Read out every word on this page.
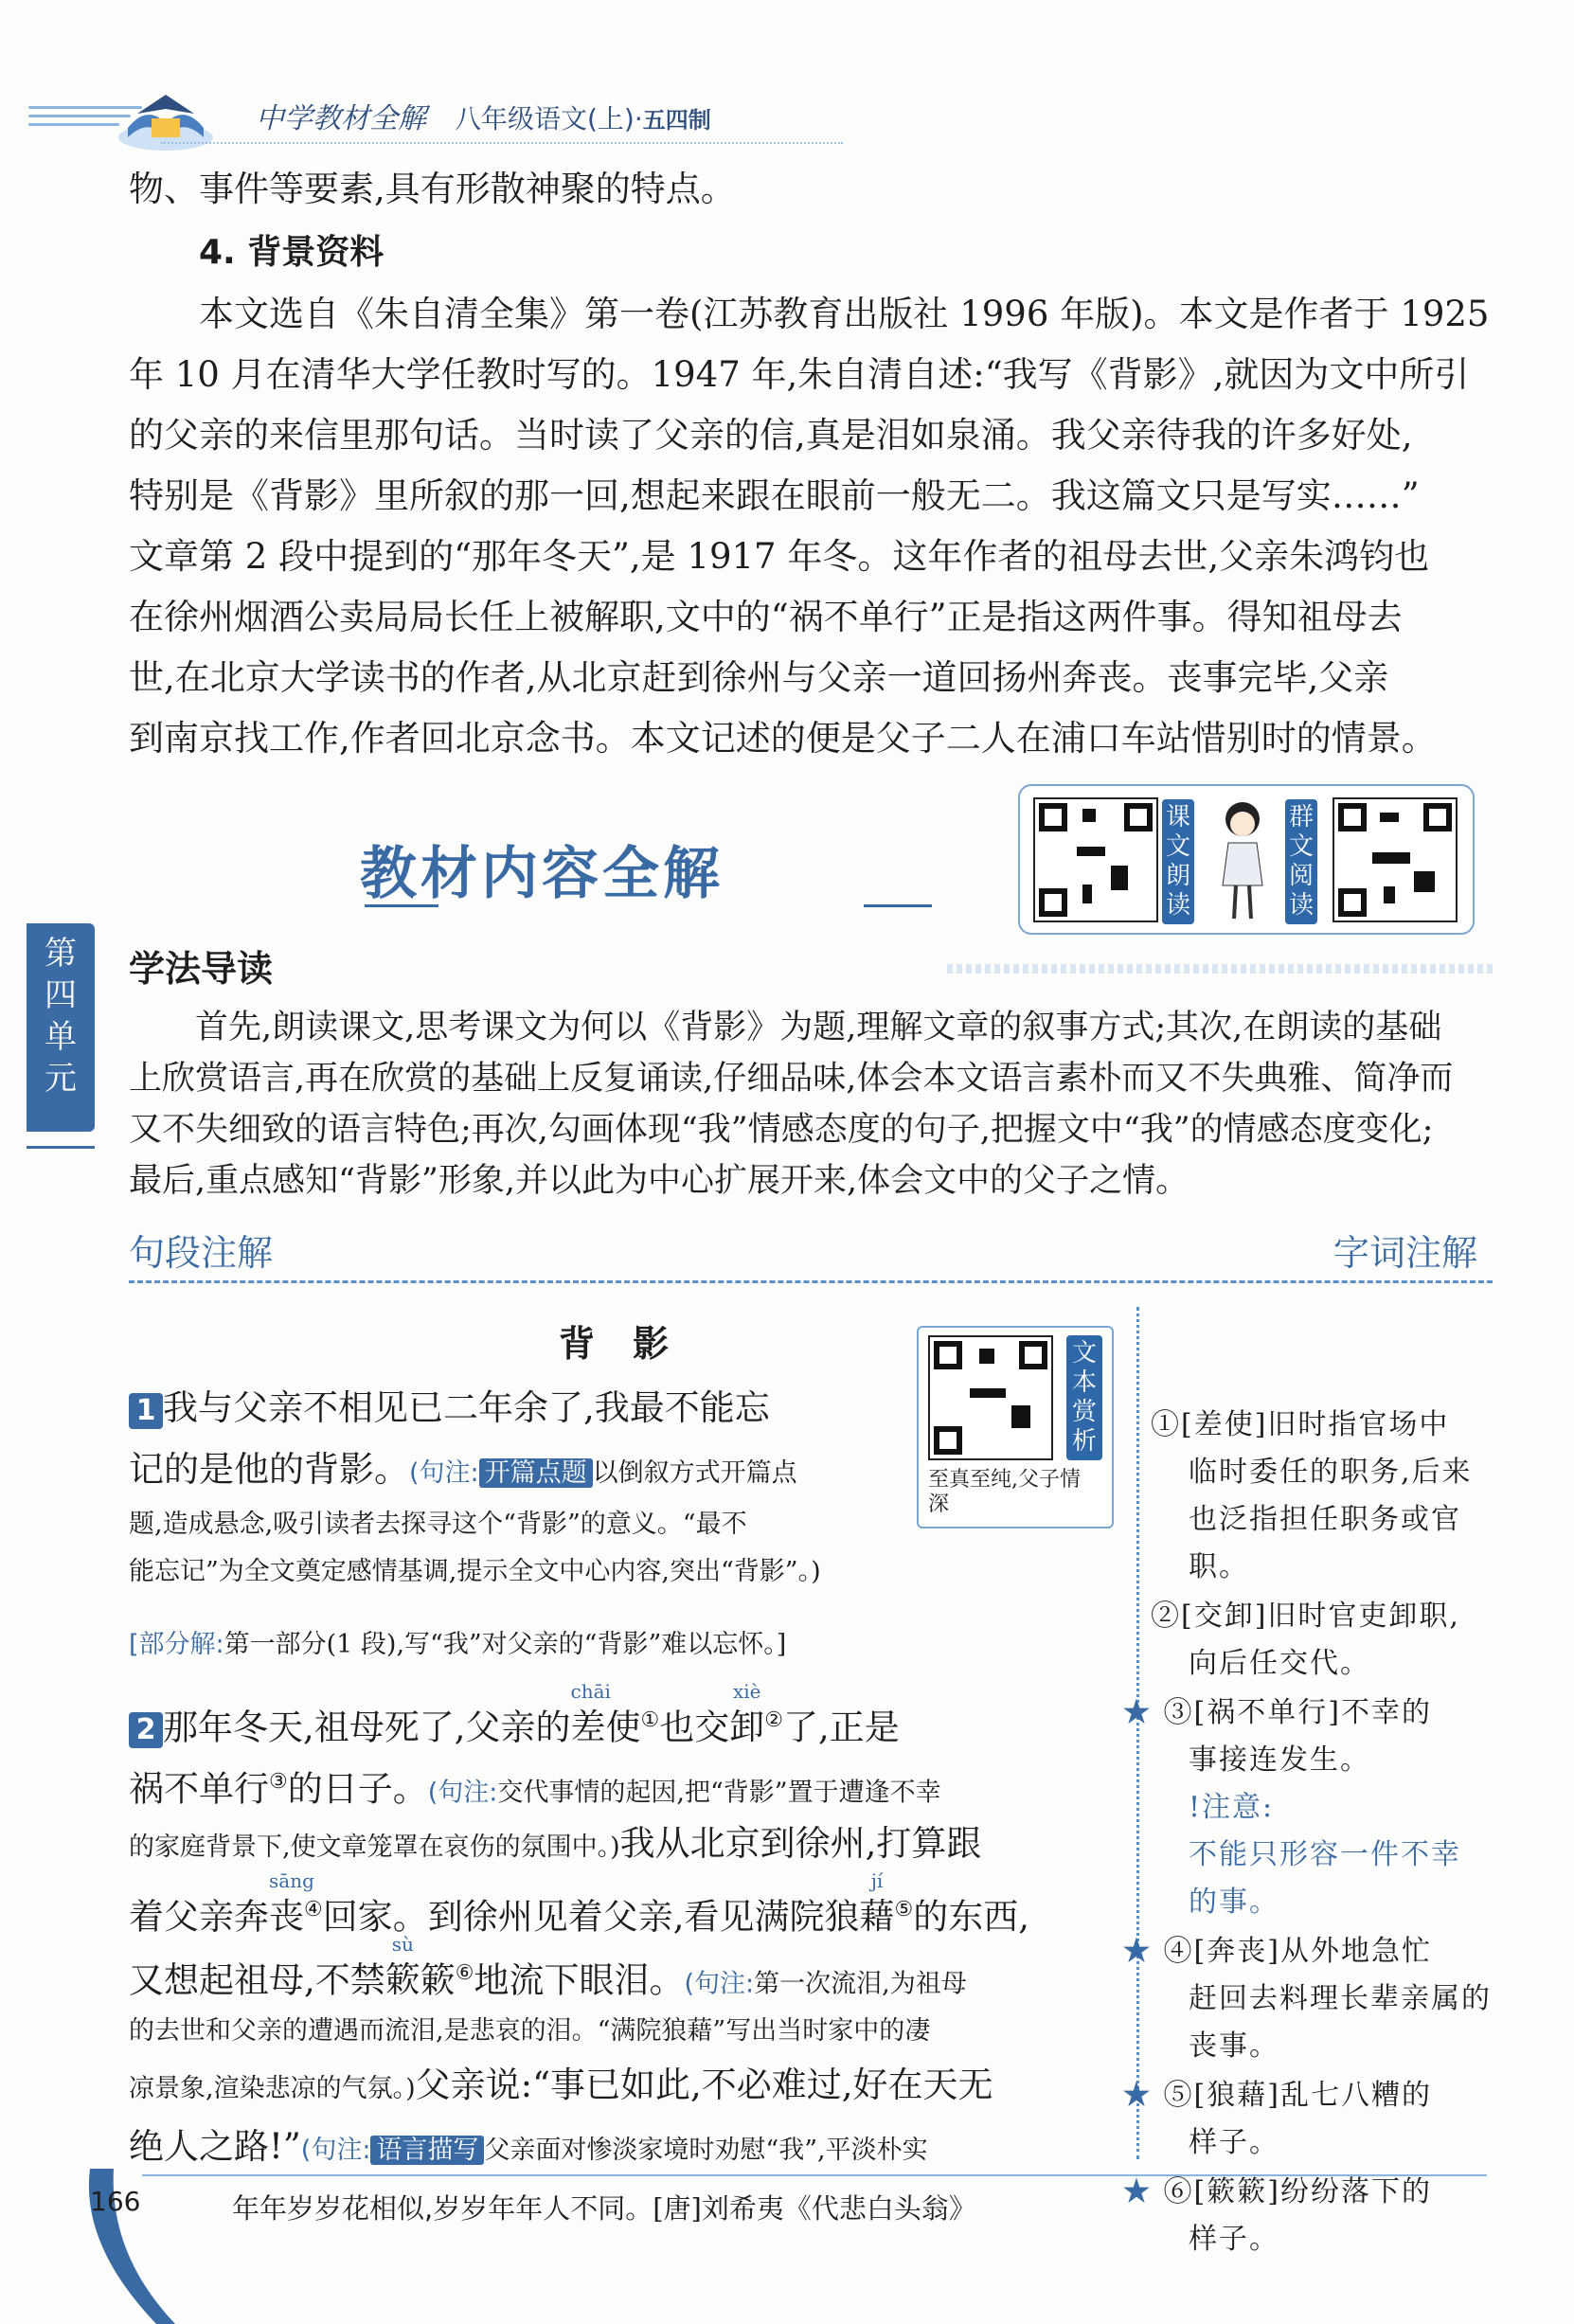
中学教材全解 八年级语文(上)·五四制
物、事件等要素,具有形散神聚的特点。
4. 背景资料
本文选自《朱自清全集》第一卷(江苏教育出版社 1996 年版)。本文是作者于 1925
年 10 月在清华大学任教时写的。1947 年,朱自清自述:“我写《背影》,就因为文中所引
的父亲的来信里那句话。当时读了父亲的信,真是泪如泉涌。我父亲待我的许多好处,
特别是《背影》里所叙的那一回,想起来跟在眼前一般无二。我这篇文只是写实……”
文章第 2 段中提到的“那年冬天”,是 1917 年冬。这年作者的祖母去世,父亲朱鸿钧也
在徐州烟酒公卖局局长任上被解职,文中的“祸不单行”正是指这两件事。得知祖母去
世,在北京大学读书的作者,从北京赶到徐州与父亲一道回扬州奔丧。丧事完毕,父亲
到南京找工作,作者回北京念书。本文记述的便是父子二人在浦口车站惜别时的情景。
教材内容全解
课文朗读
群文阅读
第四单元
学法导读
首先,朗读课文,思考课文为何以《背影》为题,理解文章的叙事方式;其次,在朗读的基础
上欣赏语言,再在欣赏的基础上反复诵读,仔细品味,体会本文语言素朴而又不失典雅、简净而
又不失细致的语言特色;再次,勾画体现“我”情感态度的句子,把握文中“我”的情感态度变化;
最后,重点感知“背影”形象,并以此为中心扩展开来,体会文中的父子之情。
句段注解	字词注解
背影	文本赏析
至真至纯,父子情深
1 我与父亲不相见已二年余了,我最不能忘
记的是他的背影。(句注: 开篇点题 以倒叙方式开篇点
题,造成悬念,吸引读者去探寻这个“背影”的意义。“最不
能忘记”为全文奠定感情基调,提示全文中心内容,突出“背影”。)
[部分解:第一部分(1 段),写“我”对父亲的“背影”难以忘怀。]
2 那年冬天,祖母死了,父亲的
chāi
差使①也交
xiè
卸②了,正是
祸不单行③的日子。(句注:交代事情的起因,把“背影”置于遭逢不幸
的家庭背景下,使文章笼罩在哀伤的氛围中。)我从北京到徐州,打算跟
着父亲奔
sāng
丧④回家。到徐州见着父亲,看见满院狼
jí
藉⑤的东西,
又想起祖母,不禁
sù
簌簌⑥地流下眼泪。(句注:第一次流泪,为祖母
的去世和父亲的遭遇而流泪,是悲哀的泪。“满院狼藉”写出当时家中的凄
凉景象,渲染悲凉的气氛。)父亲说:“事已如此,不必难过,好在天无
绝人之路!”(句注: 语言描写 父亲面对惨淡家境时劝慰“我”,平淡朴实
①[差使]旧时指官场中
临时委任的职务,后来
也泛指担任职务或官职。
②[交卸]旧时官吏卸职,
向后任交代。
★ ③[祸不单行]不幸的
事接连发生。
!注意:
不能只形容一件不幸
的事。
★ ④[奔丧]从外地急忙
赶回去料理长辈亲属的
丧事。
★ ⑤[狼藉]乱七八糟的
样子。
★ ⑥[簌簌]纷纷落下的
样子。
166	年年岁岁花相似,岁岁年年人不同。[唐]刘希夷《代悲白头翁》
